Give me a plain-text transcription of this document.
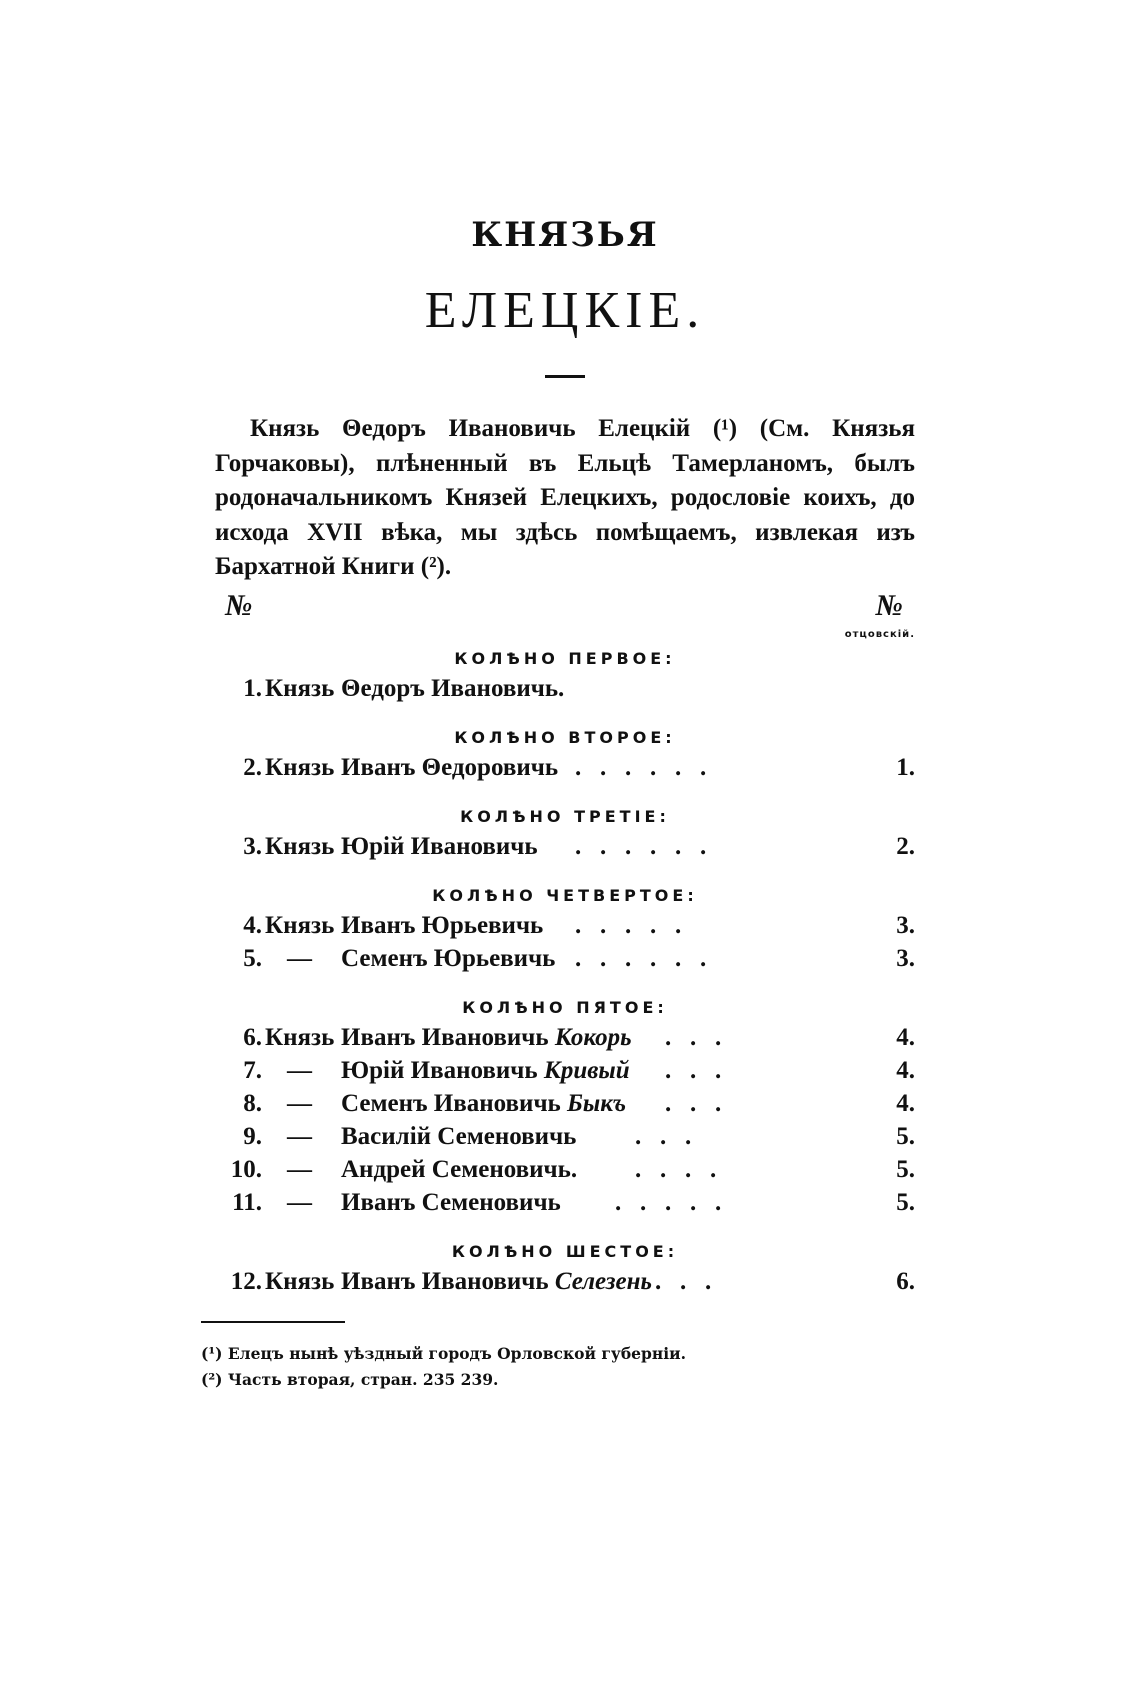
КНЯЗЬЯ
ЕЛЕЦКІЕ.
Князь Θедоръ Ивановичь Елецкій (¹) (См. Князья Горчаковы), плѣненный въ Ельцѣ Тамерланомъ, былъ родоначальникомъ Князей Елецкихъ, родословіе коихъ, до исхода XVII вѣка, мы здѣсь помѣщаемъ, извлекая изъ Бархатной Книги (²).
№	№
отцовскій.
КОЛѢНО ПЕРВОЕ:
1. Князь Θедоръ Ивановичь.
КОЛѢНО ВТОРОЕ:
2. Князь Иванъ Θедоровичь .   .   .   .   .   .	1.
КОЛѢНО ТРЕТІЕ:
3. Князь Юрій Ивановичь .   .   .   .   .   .	2.
КОЛѢНО ЧЕТВЕРТОЕ:
4. Князь Иванъ Юрьевичь .   .   .   .   .	3.
5. — Семенъ Юрьевичь .   .   .   .   .   .	3.
КОЛѢНО ПЯТОЕ:
6. Князь Иванъ Ивановичь Кокорь .   .   .	4.
7. — Юрій Ивановичь Кривый .   .   .	4.
8. — Семенъ Ивановичь Быкъ .   .   .	4.
9. — Василій Семеновичь .   .   .	5.
10. — Андрей Семеновичь. .   .   .   .	5.
11. — Иванъ Семеновичь .   .   .   .   .	5.
КОЛѢНО ШЕСТОЕ:
12. Князь Иванъ Ивановичь Селезень .   .   .	6.
(¹) Елецъ нынѣ уѣздный городъ Орловской губерніи.
(²) Часть вторая, стран. 235 239.
